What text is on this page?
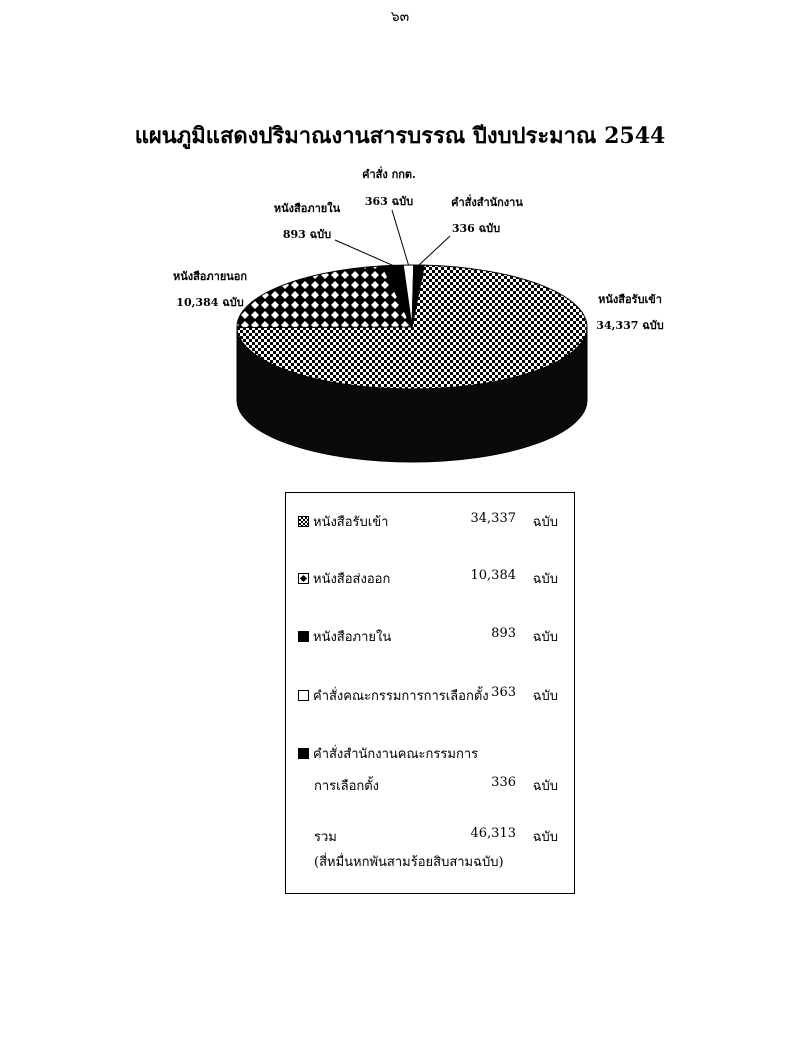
๖๓
แผนภูมิแสดงปริมาณงานสารบรรณ ปีงบประมาณ 2544
หนังสือรับเข้า
34,337 ฉบับ
หนังสือภายนอก
10,384 ฉบับ
หนังสือภายใน
893 ฉบับ
คำสั่ง กกต.
363 ฉบับ	คำสั่งสำนักงาน
336 ฉบับ
หนังสือรับเข้า	34,337 ฉบับ
หนังสือส่งออก	10,384 ฉบับ
หนังสือภายใน	893 ฉบับ
คำสั่งคณะกรรมการการเลือกตั้ง 363 ฉบับ
คำสั่งสำนักงานคณะกรรมการ
การเลือกตั้ง	336 ฉบับ
รวม	46,313 ฉบับ
(สี่หมื่นหกพันสามร้อยสิบสามฉบับ)
